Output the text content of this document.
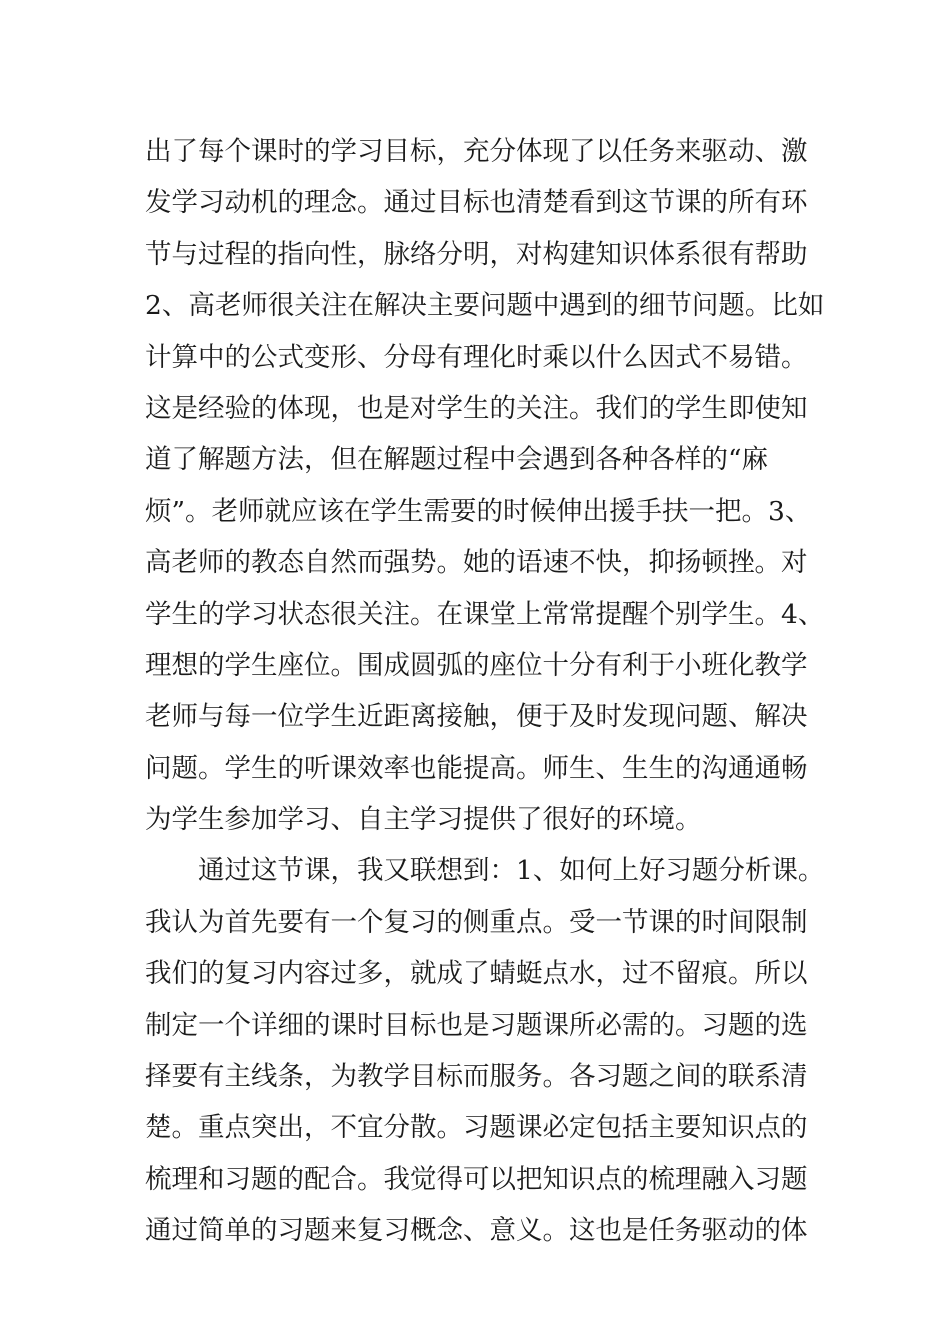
出了每个课时的学习目标，充分体现了以任务来驱动、激
发学习动机的理念。通过目标也清楚看到这节课的所有环
节与过程的指向性，脉络分明，对构建知识体系很有帮助
2、高老师很关注在解决主要问题中遇到的细节问题。比如
计算中的公式变形、分母有理化时乘以什么因式不易错。
这是经验的体现，也是对学生的关注。我们的学生即使知
道了解题方法，但在解题过程中会遇到各种各样的“麻
烦”。老师就应该在学生需要的时候伸出援手扶一把。3、
高老师的教态自然而强势。她的语速不快，抑扬顿挫。对
学生的学习状态很关注。在课堂上常常提醒个别学生。4、
理想的学生座位。围成圆弧的座位十分有利于小班化教学
老师与每一位学生近距离接触，便于及时发现问题、解决
问题。学生的听课效率也能提高。师生、生生的沟通通畅
为学生参加学习、自主学习提供了很好的环境。
通过这节课，我又联想到：1、如何上好习题分析课。
我认为首先要有一个复习的侧重点。受一节课的时间限制
我们的复习内容过多，就成了蜻蜓点水，过不留痕。所以
制定一个详细的课时目标也是习题课所必需的。习题的选
择要有主线条，为教学目标而服务。各习题之间的联系清
楚。重点突出，不宜分散。习题课必定包括主要知识点的
梳理和习题的配合。我觉得可以把知识点的梳理融入习题
通过简单的习题来复习概念、意义。这也是任务驱动的体
